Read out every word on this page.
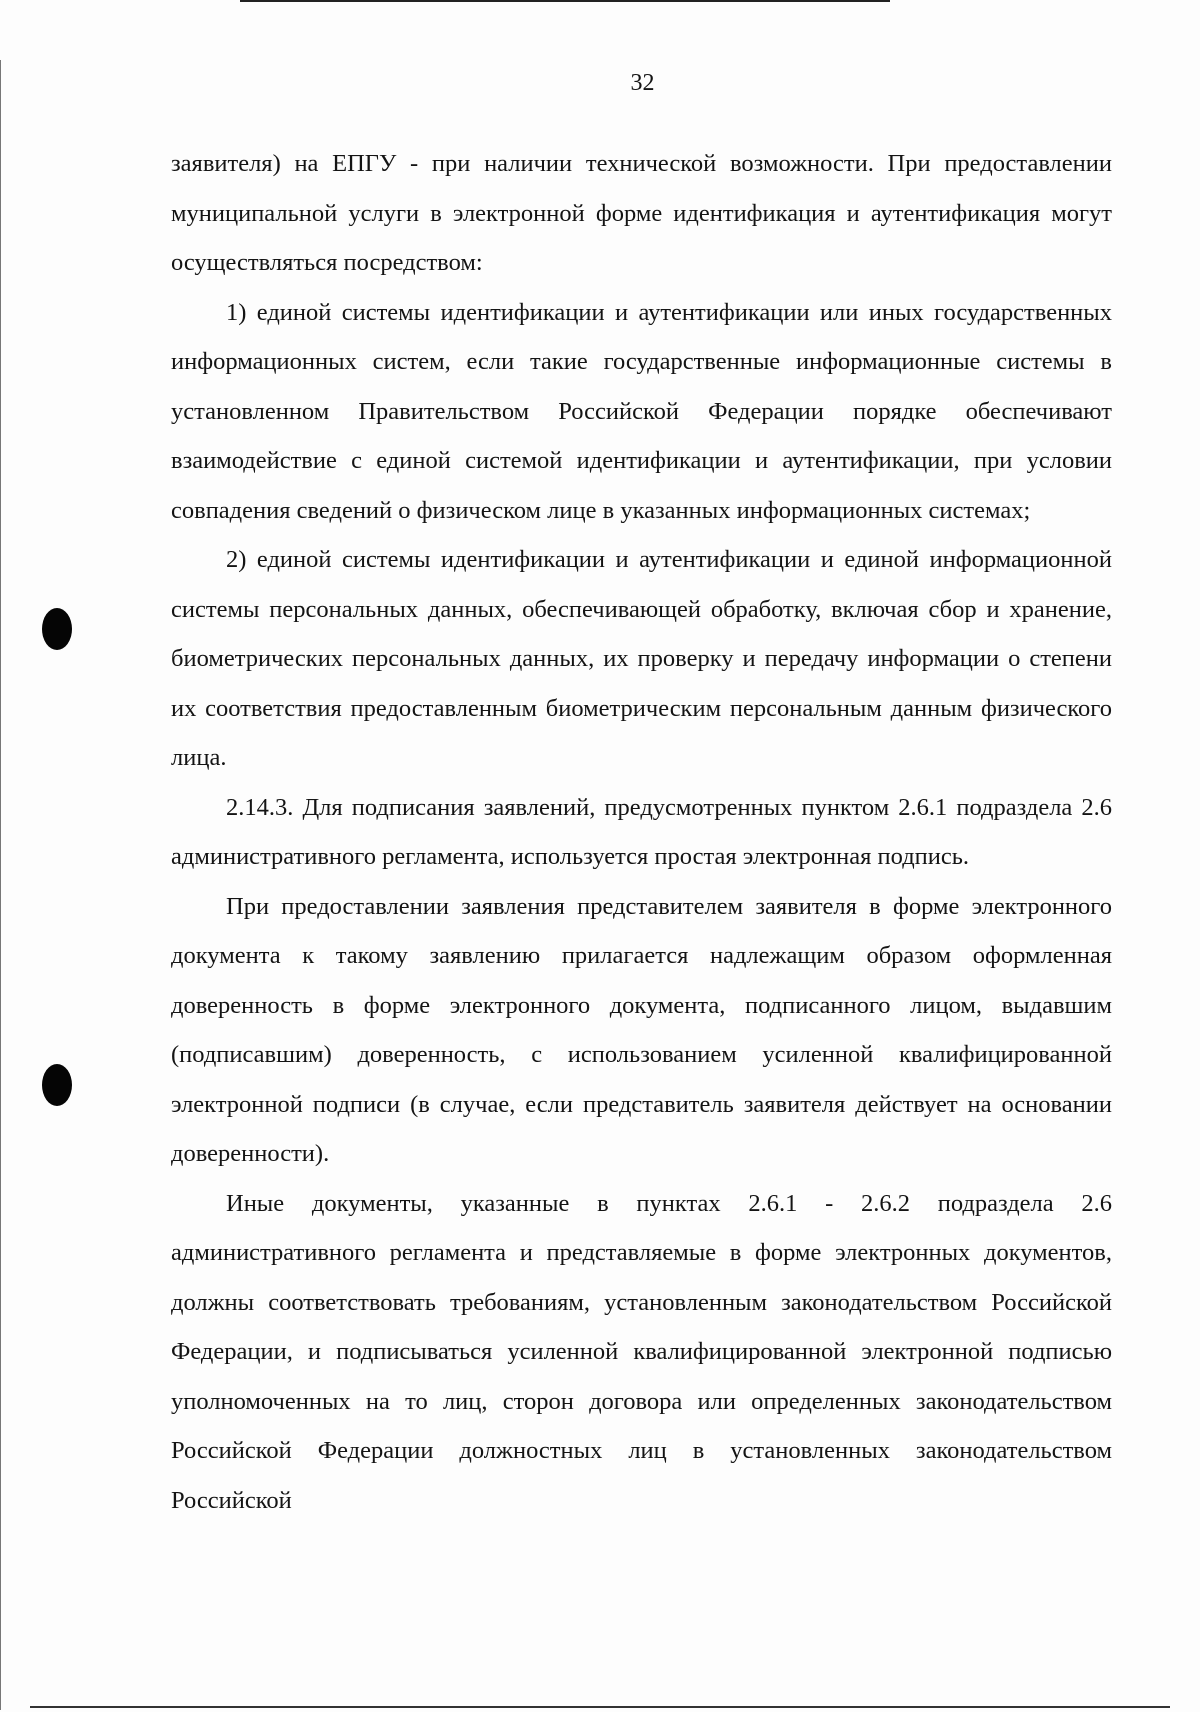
32

заявителя) на ЕПГУ - при наличии технической возможности. При предоставлении муниципальной услуги в электронной форме идентификация и аутентификация могут осуществляться посредством:

1) единой системы идентификации и аутентификации или иных государственных информационных систем, если такие государственные информационные системы в установленном Правительством Российской Федерации порядке обеспечивают взаимодействие с единой системой идентификации и аутентификации, при условии совпадения сведений о физическом лице в указанных информационных системах;

2) единой системы идентификации и аутентификации и единой информационной системы персональных данных, обеспечивающей обработку, включая сбор и хранение, биометрических персональных данных, их проверку и передачу информации о степени их соответствия предоставленным биометрическим персональным данным физического лица.

2.14.3. Для подписания заявлений, предусмотренных пунктом 2.6.1 подраздела 2.6 административного регламента, используется простая электронная подпись.

При предоставлении заявления представителем заявителя в форме электронного документа к такому заявлению прилагается надлежащим образом оформленная доверенность в форме электронного документа, подписанного лицом, выдавшим (подписавшим) доверенность, с использованием усиленной квалифицированной электронной подписи (в случае, если представитель заявителя действует на основании доверенности).

Иные документы, указанные в пунктах 2.6.1 - 2.6.2 подраздела 2.6 административного регламента и представляемые в форме электронных документов, должны соответствовать требованиям, установленным законодательством Российской Федерации, и подписываться усиленной квалифицированной электронной подписью уполномоченных на то лиц, сторон договора или определенных законодательством Российской Федерации должностных лиц в установленных законодательством Российской
